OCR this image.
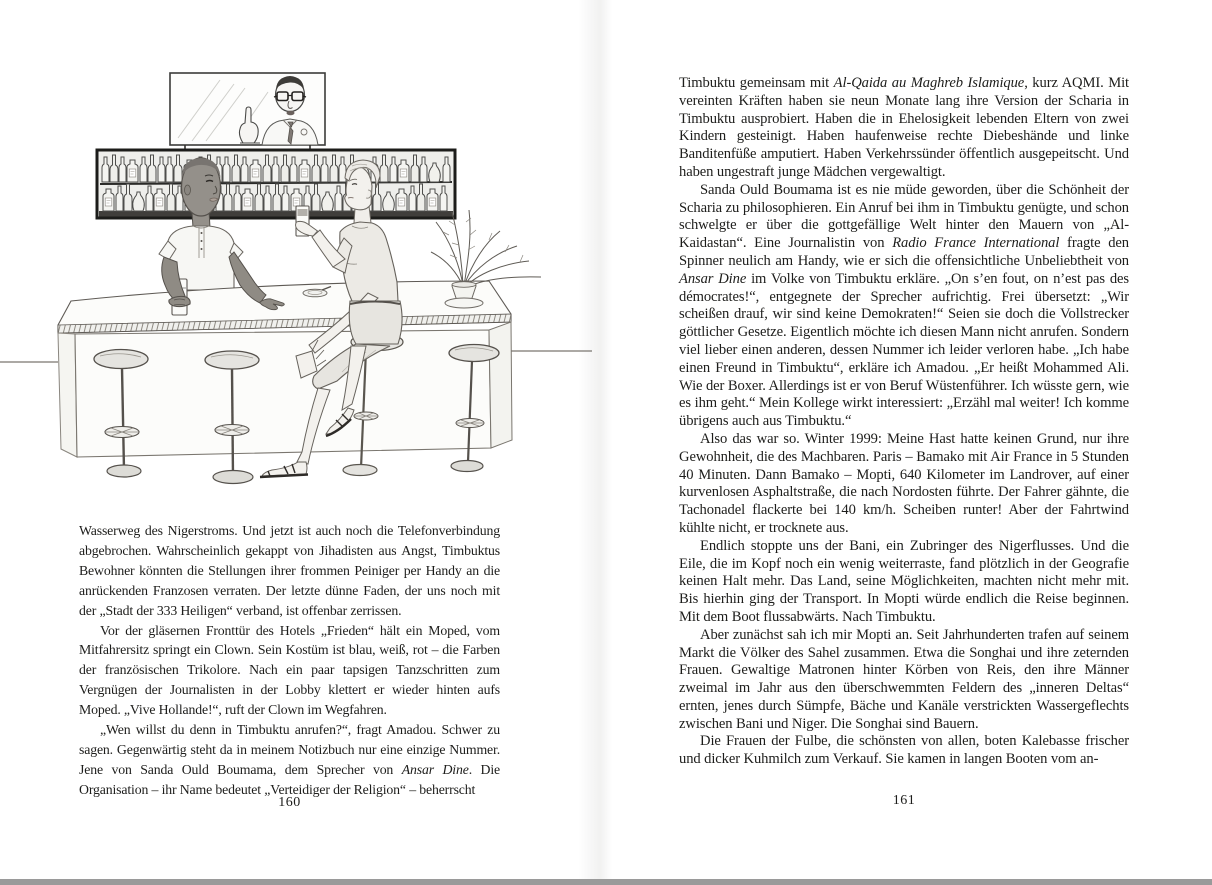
Wasserweg des Nigerstroms. Und jetzt ist auch noch die Telefonverbindung abgebrochen. Wahrscheinlich gekappt von Jihadisten aus Angst, Timbuktus Bewohner könnten die Stellungen ihrer frommen Peiniger per Handy an die anrückenden Franzosen verraten. Der letzte dünne Faden, der uns noch mit der „Stadt der 333 Heiligen“ verband, ist offenbar zerrissen.

Vor der gläsernen Fronttür des Hotels „Frieden“ hält ein Moped, vom Mitfahrersitz springt ein Clown. Sein Kostüm ist blau, weiß, rot – die Farben der französischen Trikolore. Nach ein paar tapsigen Tanzschritten zum Vergnügen der Journalisten in der Lobby klettert er wieder hinten aufs Moped. „Vive Hollande!“, ruft der Clown im Wegfahren.

„Wen willst du denn in Timbuktu anrufen?“, fragt Amadou. Schwer zu sagen. Gegenwärtig steht da in meinem Notizbuch nur eine einzige Nummer. Jene von Sanda Ould Boumama, dem Sprecher von Ansar Dine. Die Organisation – ihr Name bedeutet „Verteidiger der Religion“ – beherrscht

160

Timbuktu gemeinsam mit Al-Qaida au Maghreb Islamique, kurz AQMI. Mit vereinten Kräften haben sie neun Monate lang ihre Version der Scharia in Timbuktu ausprobiert. Haben die in Ehelosigkeit lebenden Eltern von zwei Kindern gesteinigt. Haben haufenweise rechte Diebeshände und linke Banditenfüße amputiert. Haben Verkehrssünder öffentlich ausgepeitscht. Und haben ungestraft junge Mädchen vergewaltigt.

Sanda Ould Boumama ist es nie müde geworden, über die Schönheit der Scharia zu philosophieren. Ein Anruf bei ihm in Timbuktu genügte, und schon schwelgte er über die gottgefällige Welt hinter den Mauern von „Al-Kaidastan“. Eine Journalistin von Radio France International fragte den Spinner neulich am Handy, wie er sich die offensichtliche Unbeliebtheit von Ansar Dine im Volke von Timbuktu erkläre. „On s’en fout, on n’est pas des démocrates!“, entgegnete der Sprecher aufrichtig. Frei übersetzt: „Wir scheißen drauf, wir sind keine Demokraten!“ Seien sie doch die Vollstrecker göttlicher Gesetze. Eigentlich möchte ich diesen Mann nicht anrufen. Sondern viel lieber einen anderen, dessen Nummer ich leider verloren habe. „Ich habe einen Freund in Timbuktu“, erkläre ich Amadou. „Er heißt Mohammed Ali. Wie der Boxer. Allerdings ist er von Beruf Wüstenführer. Ich wüsste gern, wie es ihm geht.“ Mein Kollege wirkt interessiert: „Erzähl mal weiter! Ich komme übrigens auch aus Timbuktu.“

Also das war so. Winter 1999: Meine Hast hatte keinen Grund, nur ihre Gewohnheit, die des Machbaren. Paris – Bamako mit Air France in 5 Stunden 40 Minuten. Dann Bamako – Mopti, 640 Kilometer im Landrover, auf einer kurvenlosen Asphaltstraße, die nach Nordosten führte. Der Fahrer gähnte, die Tachonadel flackerte bei 140 km/h. Scheiben runter! Aber der Fahrtwind kühlte nicht, er trocknete aus.

Endlich stoppte uns der Bani, ein Zubringer des Nigerflusses. Und die Eile, die im Kopf noch ein wenig weiterraste, fand plötzlich in der Geografie keinen Halt mehr. Das Land, seine Möglichkeiten, machten nicht mehr mit. Bis hierhin ging der Transport. In Mopti würde endlich die Reise beginnen. Mit dem Boot flussabwärts. Nach Timbuktu.

Aber zunächst sah ich mir Mopti an. Seit Jahrhunderten trafen auf seinem Markt die Völker des Sahel zusammen. Etwa die Songhai und ihre zeternden Frauen. Gewaltige Matronen hinter Körben von Reis, den ihre Männer zweimal im Jahr aus den überschwemmten Feldern des „inneren Deltas“ ernten, jenes durch Sümpfe, Bäche und Kanäle verstrickten Wassergeflechts zwischen Bani und Niger. Die Songhai sind Bauern.

Die Frauen der Fulbe, die schönsten von allen, boten Kalebasse frischer und dicker Kuhmilch zum Verkauf. Sie kamen in langen Booten vom an-

161
